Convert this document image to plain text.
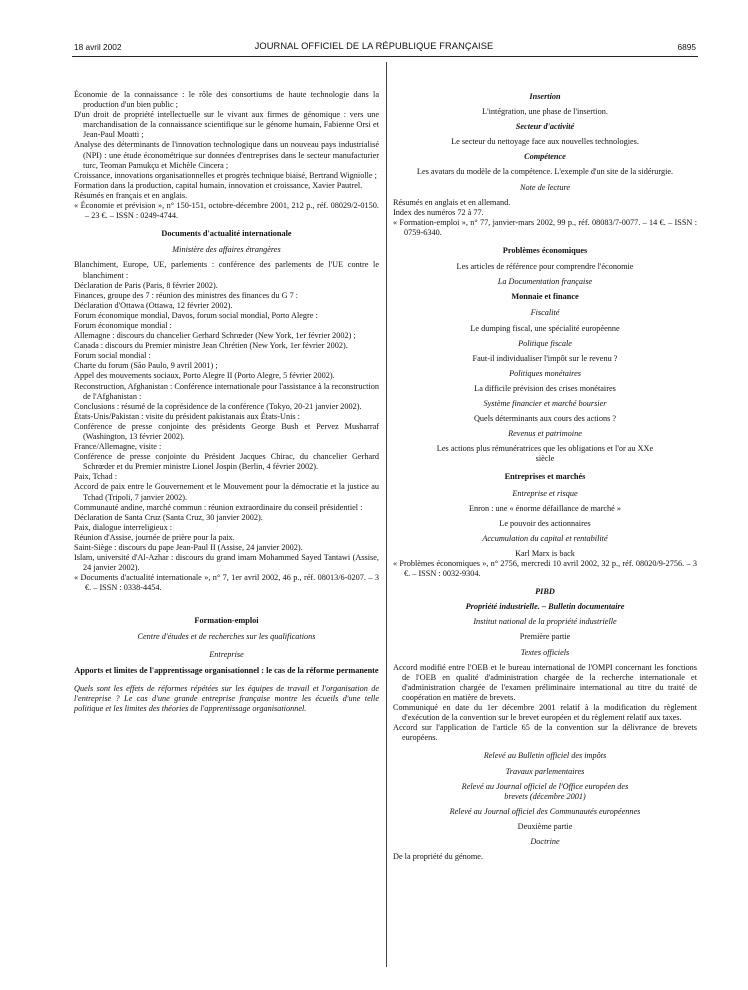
18 avril 2002	JOURNAL OFFICIEL DE LA RÉPUBLIQUE FRANÇAISE	6895
Économie de la connaissance : le rôle des consortiums de haute technologie dans la production d'un bien public ;
D'un droit de propriété intellectuelle sur le vivant aux firmes de génomique : vers une marchandisation de la connaissance scientifique sur le génome humain, Fabienne Orsi et Jean-Paul Moatti ;
Analyse des déterminants de l'innovation technologique dans un nouveau pays industrialisé (NPI) : une étude économétrique sur données d'entreprises dans le secteur manufacturier turc, Teoman Pamukçu et Michèle Cincera ;
Croissance, innovations organisationnelles et progrès technique biaisé, Bertrand Wigniolle ;
Formation dans la production, capital humain, innovation et croissance, Xavier Pautrel.
Résumés en français et en anglais.
« Économie et prévision », n° 150-151, octobre-décembre 2001, 212 p., réf. 08029/2-0150. – 23 €. – ISSN : 0249-4744.
Documents d'actualité internationale
Ministère des affaires étrangères
Blanchiment, Europe, UE, parlements : conférence des parlements de l'UE contre le blanchiment :
Déclaration de Paris (Paris, 8 février 2002).
Finances, groupe des 7 : réunion des ministres des finances du G 7 :
Déclaration d'Ottawa (Ottawa, 12 février 2002).
Forum économique mondial, Davos, forum social mondial, Porto Alegre :
Forum économique mondial :
Allemagne : discours du chancelier Gerhard Schrœder (New York, 1er février 2002) ;
Canada : discours du Premier ministre Jean Chrétien (New York, 1er février 2002).
Forum social mondial :
Charte du forum (São Paulo, 9 avril 2001) ;
Appel des mouvements sociaux, Porto Alegre II (Porto Alegre, 5 février 2002).
Reconstruction, Afghanistan : Conférence internationale pour l'assistance à la reconstruction de l'Afghanistan :
Conclusions : résumé de la coprésidence de la conférence (Tokyo, 20-21 janvier 2002).
États-Unis/Pakistan : visite du président pakistanais aux États-Unis :
Conférence de presse conjointe des présidents George Bush et Pervez Musharraf (Washington, 13 février 2002).
France/Allemagne, visite :
Conférence de presse conjointe du Président Jacques Chirac, du chancelier Gerhard Schrœder et du Premier ministre Lionel Jospin (Berlin, 4 février 2002).
Paix, Tchad :
Accord de paix entre le Gouvernement et le Mouvement pour la démocratie et la justice au Tchad (Tripoli, 7 janvier 2002).
Communauté andine, marché commun : réunion extraordinaire du conseil présidentiel :
Déclaration de Santa Cruz (Santa Cruz, 30 janvier 2002).
Paix, dialogue interreligieux :
Réunion d'Assise, journée de prière pour la paix.
Saint-Siège : discours du pape Jean-Paul II (Assise, 24 janvier 2002).
Islam, université d'Al-Azhar : discours du grand imam Mohammed Sayed Tantawi (Assise, 24 janvier 2002).
« Documents d'actualité internationale », n° 7, 1er avril 2002, 46 p., réf. 08013/6-0207. – 3 €. – ISSN : 0338-4454.
Formation-emploi
Centre d'études et de recherches sur les qualifications
Entreprise
Apports et limites de l'apprentissage organisationnel : le cas de la réforme permanente
Quels sont les effets de réformes répétées sur les équipes de travail et l'organisation de l'entreprise ? Le cas d'une grande entreprise française montre les écueils d'une telle politique et les limites des théories de l'apprentissage organisationnel.
Insertion
L'intégration, une phase de l'insertion.
Secteur d'activité
Le secteur du nettoyage face aux nouvelles technologies.
Compétence
Les avatars du modèle de la compétence. L'exemple d'un site de la sidérurgie.
Note de lecture
Résumés en anglais et en allemand.
Index des numéros 72 à 77.
« Formation-emploi », n° 77, janvier-mars 2002, 99 p., réf. 08083/7-0077. – 14 €. – ISSN : 0759-6340.
Problèmes économiques
Les articles de référence pour comprendre l'économie
La Documentation française
Monnaie et finance
Fiscalité
Le dumping fiscal, une spécialité européenne
Politique fiscale
Faut-il individualiser l'impôt sur le revenu ?
Politiques monétaires
La difficile prévision des crises monétaires
Système financier et marché boursier
Quels déterminants aux cours des actions ?
Revenus et patrimoine
Les actions plus rémunératrices que les obligations et l'or au XXe siècle
Entreprises et marchés
Entreprise et risque
Enron : une « énorme défaillance de marché »
Le pouvoir des actionnaires
Accumulation du capital et rentabilité
Karl Marx is back
« Problèmes économiques », n° 2756, mercredi 10 avril 2002, 32 p., réf. 08020/9-2756. – 3 €. – ISSN : 0032-9304.
PIBD
Propriété industrielle. – Bulletin documentaire
Institut national de la propriété industrielle
Première partie
Textes officiels
Accord modifié entre l'OEB et le bureau international de l'OMPI concernant les fonctions de l'OEB en qualité d'administration chargée de la recherche internationale et d'administration chargée de l'examen préliminaire international au titre du traité de coopération en matière de brevets.
Communiqué en date du 1er décembre 2001 relatif à la modification du règlement d'exécution de la convention sur le brevet européen et du règlement relatif aux taxes.
Accord sur l'application de l'article 65 de la convention sur la délivrance de brevets européens.
Relevé au Bulletin officiel des impôts
Travaux parlementaires
Relevé au Journal officiel de l'Office européen des brevets (décembre 2001)
Relevé au Journal officiel des Communautés européennes
Deuxième partie
Doctrine
De la propriété du génome.
